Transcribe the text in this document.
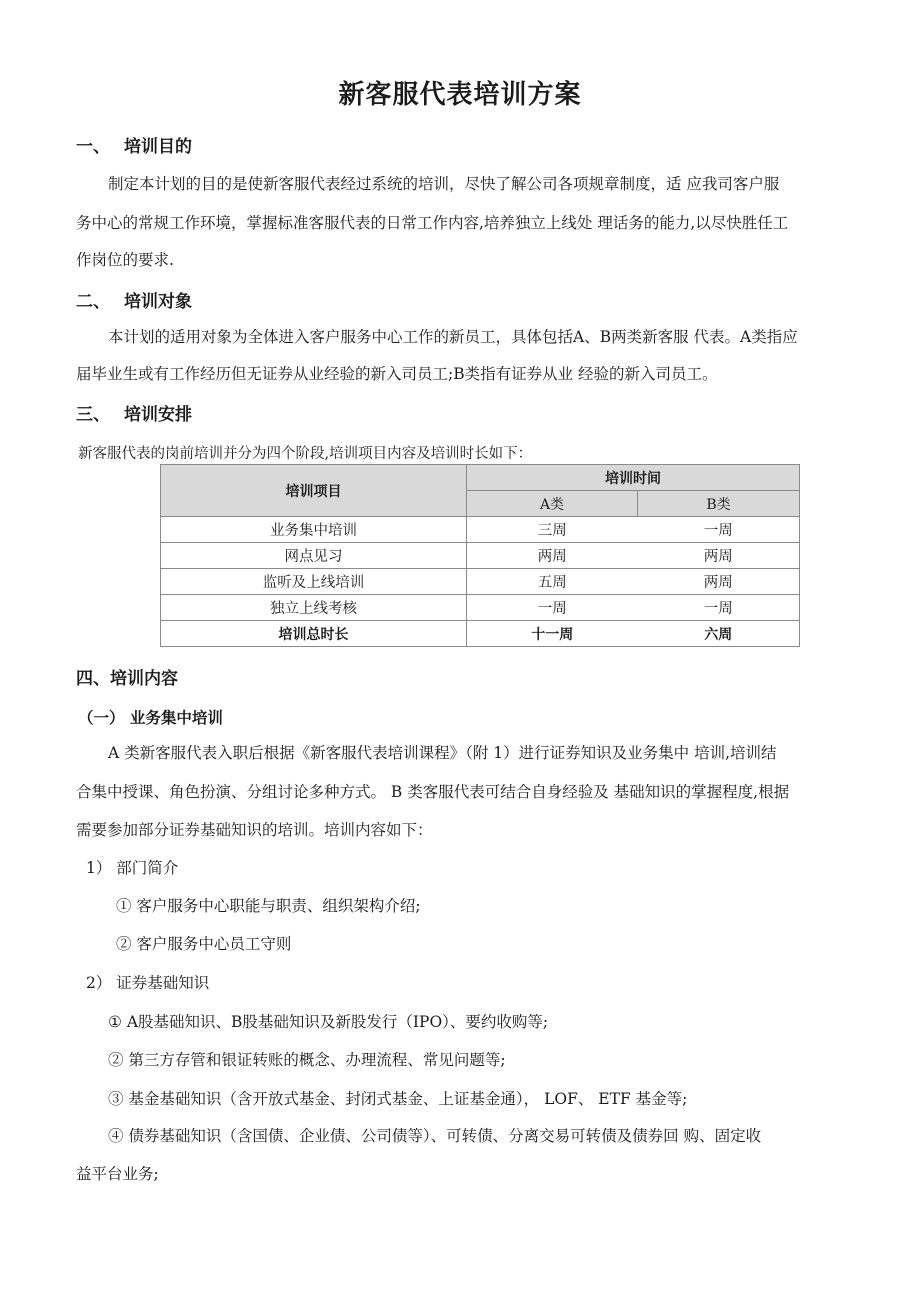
新客服代表培训方案
一、 培训目的
制定本计划的目的是使新客服代表经过系统的培训，尽快了解公司各项规章制度，适 应我司客户服
务中心的常规工作环境，掌握标准客服代表的日常工作内容,培养独立上线处 理话务的能力,以尽快胜任工
作岗位的要求.
二、 培训对象
本计划的适用对象为全体进入客户服务中心工作的新员工，具体包括A、B两类新客服 代表。A类指应
届毕业生或有工作经历但无证券从业经验的新入司员工;B类指有证券从业 经验的新入司员工。
三、 培训安排
新客服代表的岗前培训并分为四个阶段,培训项目内容及培训时长如下：
培训项目	培训时间	
	A类	B类
业务集中培训	三周	一周
网点见习	两周	两周
监听及上线培训	五周	两周
独立上线考核	一周	一周
培训总时长	十一周	六周
四、培训内容
（一） 业务集中培训
A 类新客服代表入职后根据《新客服代表培训课程》（附 1）进行证券知识及业务集中 培训,培训结
合集中授课、角色扮演、分组讨论多种方式。 B 类客服代表可结合自身经验及 基础知识的掌握程度,根据
需要参加部分证券基础知识的培训。培训内容如下：
1） 部门简介
① 客户服务中心职能与职责、组织架构介绍;
② 客户服务中心员工守则
2） 证券基础知识
① A股基础知识、B股基础知识及新股发行（IPO）、要约收购等;
② 第三方存管和银证转账的概念、办理流程、常见问题等;
③ 基金基础知识（含开放式基金、封闭式基金、上证基金通）， LOF、 ETF 基金等;
④ 债券基础知识（含国债、企业债、公司债等）、可转债、分离交易可转债及债券回 购、固定收
益平台业务;
